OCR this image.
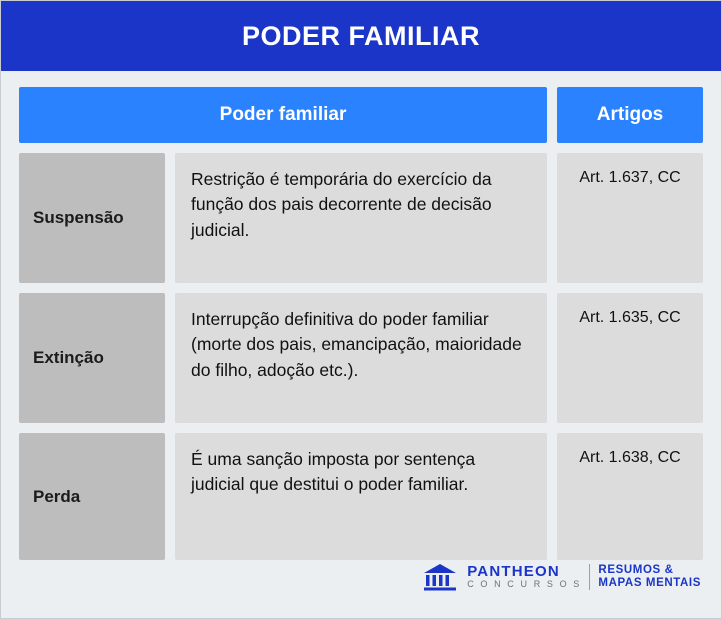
PODER FAMILIAR
Poder familiar	Artigos
Suspensão
Restrição é temporária do exercício da função dos pais decorrente de decisão judicial.
Art. 1.637, CC
Extinção
Interrupção definitiva do poder familiar (morte dos pais, emancipação, maioridade do filho, adoção etc.).
Art. 1.635, CC
Perda
É uma sanção imposta por sentença judicial que destitui o poder familiar.
Art. 1.638, CC
PANTHEON
C O N C U R S O S
RESUMOS &
MAPAS MENTAIS
